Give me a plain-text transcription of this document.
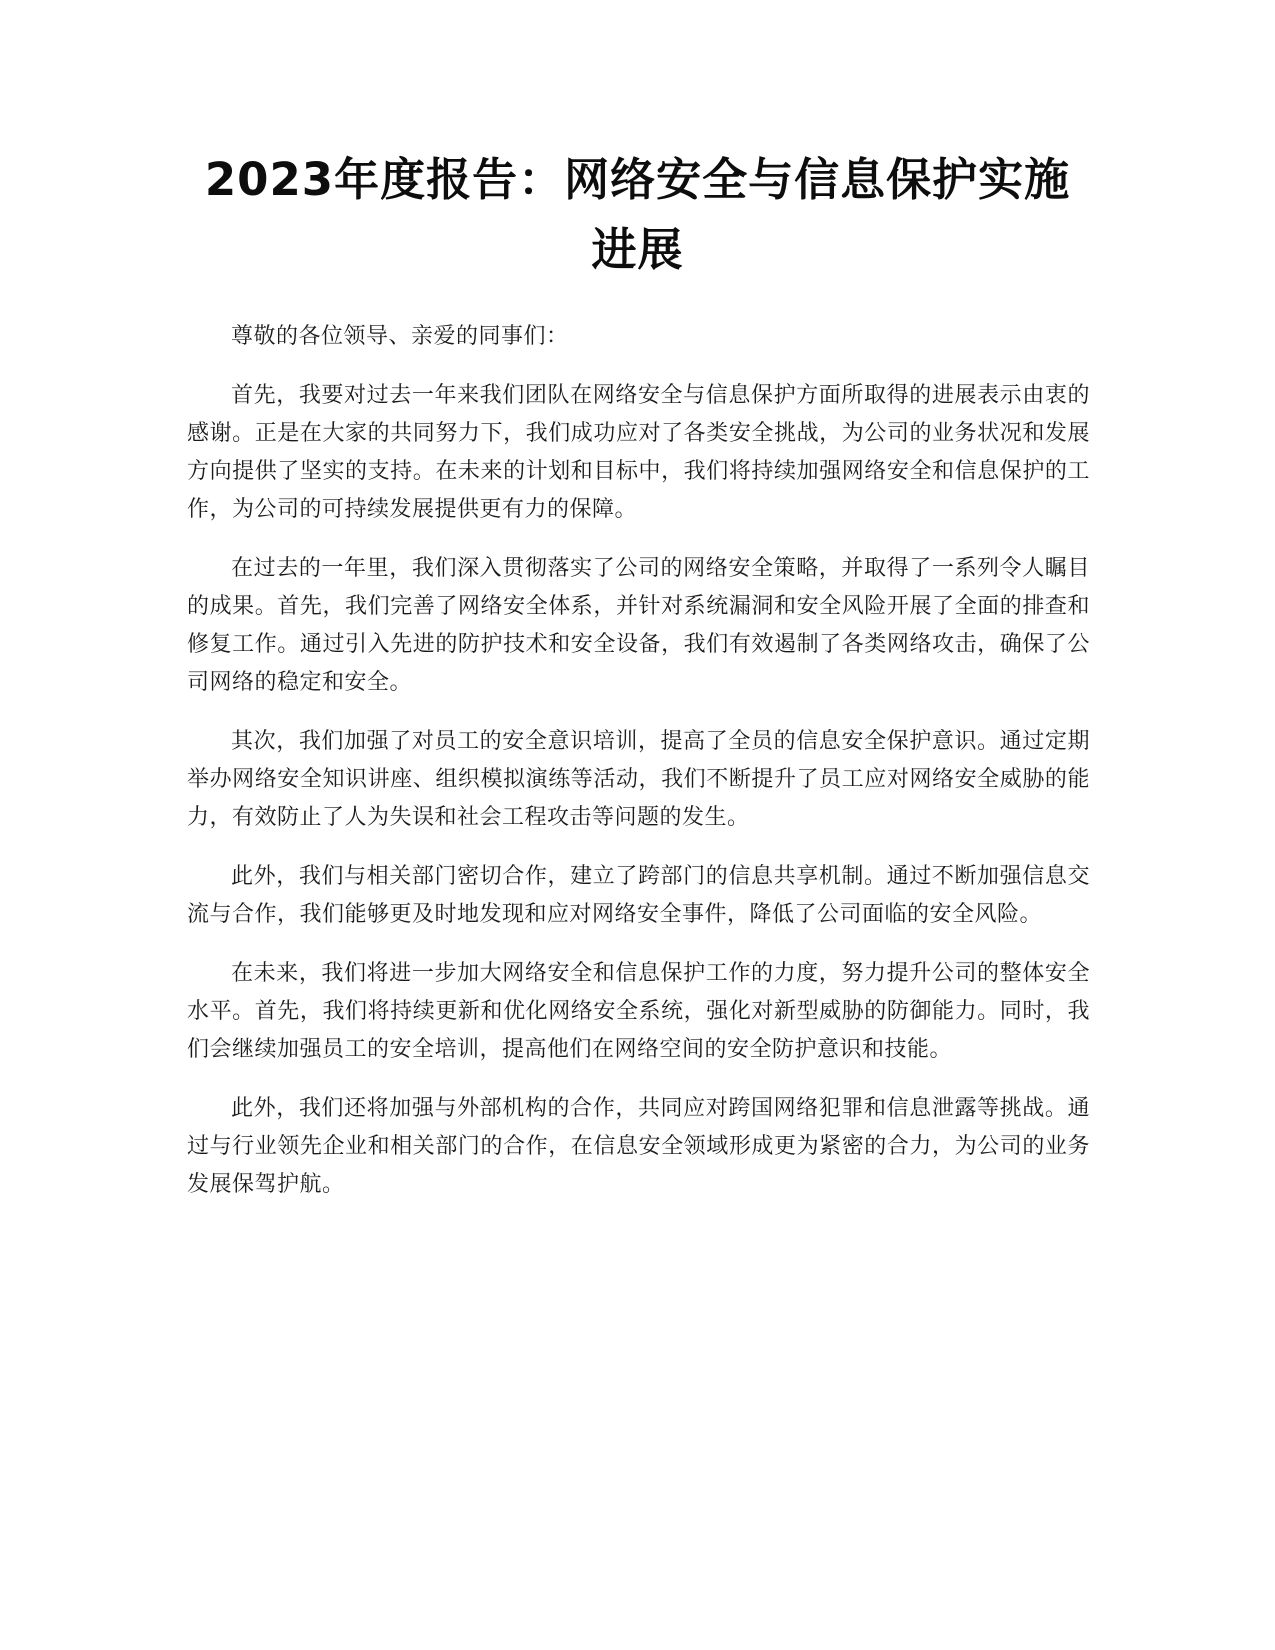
2023年度报告：网络安全与信息保护实施进展

尊敬的各位领导、亲爱的同事们：

首先，我要对过去一年来我们团队在网络安全与信息保护方面所取得的进展表示由衷的感谢。正是在大家的共同努力下，我们成功应对了各类安全挑战，为公司的业务状况和发展方向提供了坚实的支持。在未来的计划和目标中，我们将持续加强网络安全和信息保护的工作，为公司的可持续发展提供更有力的保障。

在过去的一年里，我们深入贯彻落实了公司的网络安全策略，并取得了一系列令人瞩目的成果。首先，我们完善了网络安全体系，并针对系统漏洞和安全风险开展了全面的排查和修复工作。通过引入先进的防护技术和安全设备，我们有效遏制了各类网络攻击，确保了公司网络的稳定和安全。

其次，我们加强了对员工的安全意识培训，提高了全员的信息安全保护意识。通过定期举办网络安全知识讲座、组织模拟演练等活动，我们不断提升了员工应对网络安全威胁的能力，有效防止了人为失误和社会工程攻击等问题的发生。

此外，我们与相关部门密切合作，建立了跨部门的信息共享机制。通过不断加强信息交流与合作，我们能够更及时地发现和应对网络安全事件，降低了公司面临的安全风险。

在未来，我们将进一步加大网络安全和信息保护工作的力度，努力提升公司的整体安全水平。首先，我们将持续更新和优化网络安全系统，强化对新型威胁的防御能力。同时，我们会继续加强员工的安全培训，提高他们在网络空间的安全防护意识和技能。

此外，我们还将加强与外部机构的合作，共同应对跨国网络犯罪和信息泄露等挑战。通过与行业领先企业和相关部门的合作，在信息安全领域形成更为紧密的合力，为公司的业务发展保驾护航。
